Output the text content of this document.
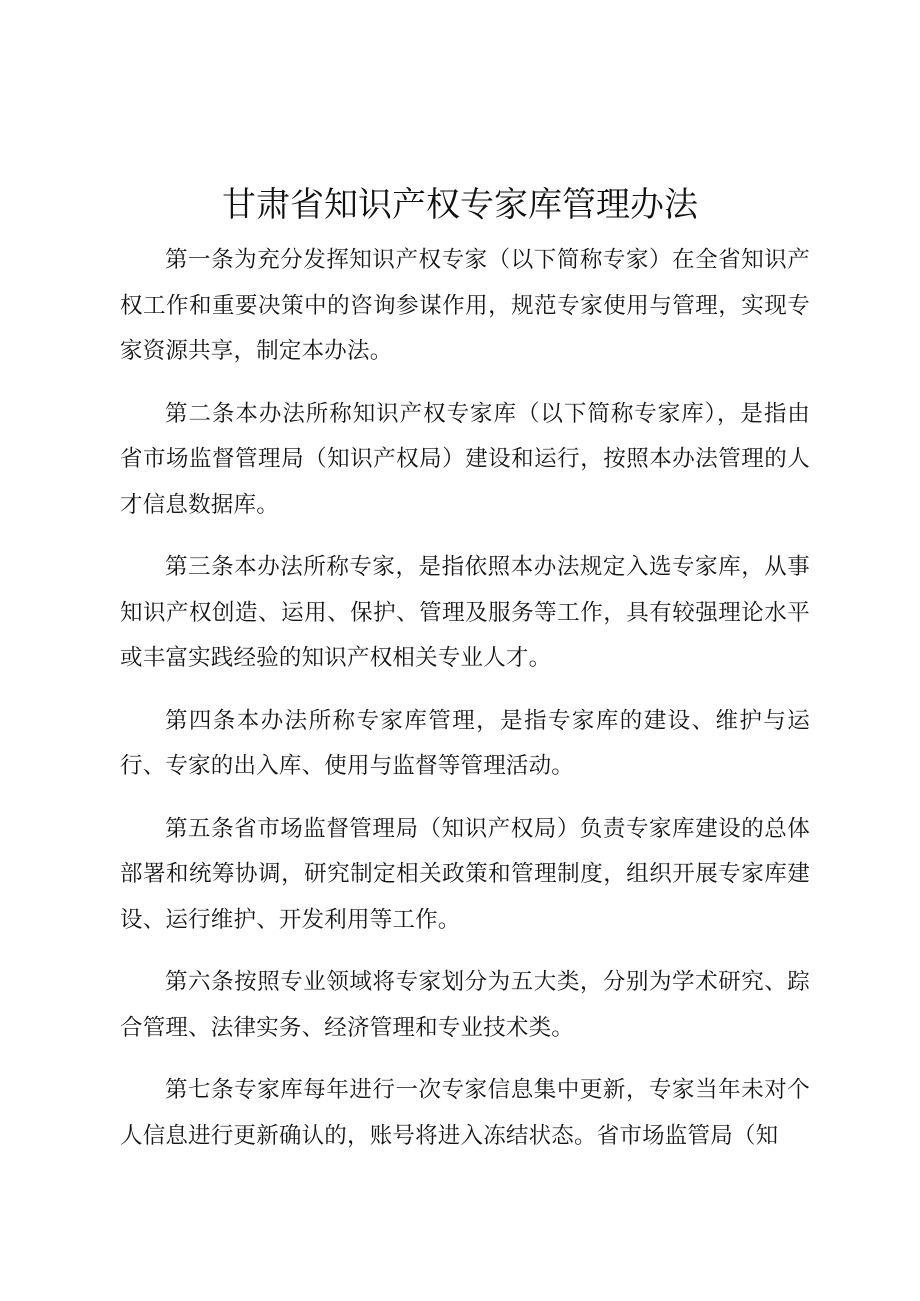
甘肃省知识产权专家库管理办法

第一条为充分发挥知识产权专家（以下简称专家）在全省知识产权工作和重要决策中的咨询参谋作用，规范专家使用与管理，实现专家资源共享，制定本办法。

第二条本办法所称知识产权专家库（以下简称专家库），是指由省市场监督管理局（知识产权局）建设和运行，按照本办法管理的人才信息数据库。

第三条本办法所称专家，是指依照本办法规定入选专家库，从事知识产权创造、运用、保护、管理及服务等工作，具有较强理论水平或丰富实践经验的知识产权相关专业人才。

第四条本办法所称专家库管理，是指专家库的建设、维护与运行、专家的出入库、使用与监督等管理活动。

第五条省市场监督管理局（知识产权局）负责专家库建设的总体部署和统筹协调，研究制定相关政策和管理制度，组织开展专家库建设、运行维护、开发利用等工作。

第六条按照专业领域将专家划分为五大类，分别为学术研究、踪合管理、法律实务、经济管理和专业技术类。

第七条专家库每年进行一次专家信息集中更新，专家当年未对个人信息进行更新确认的，账号将进入冻结状态。省市场监管局（知
